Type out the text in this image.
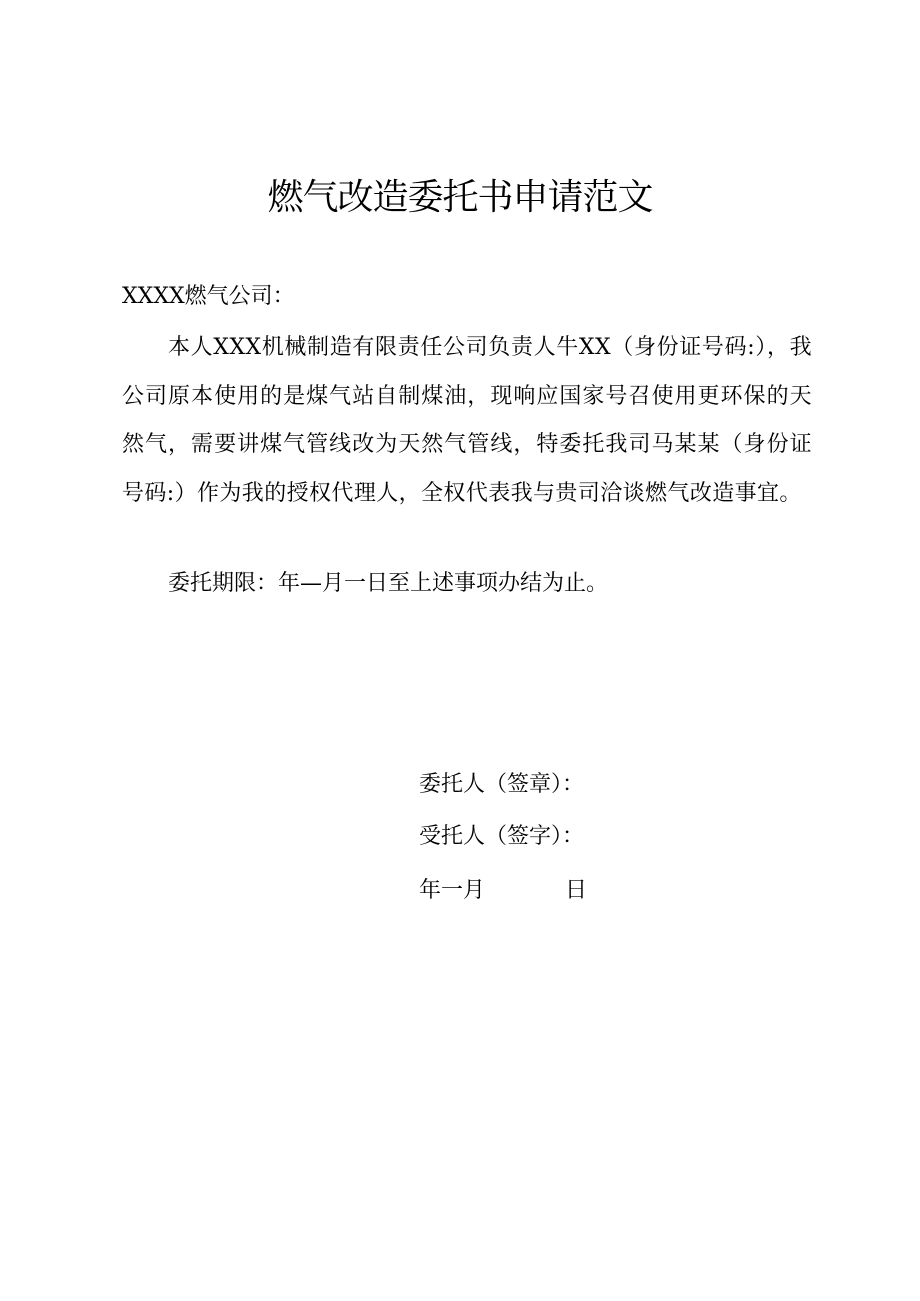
燃气改造委托书申请范文

XXXX燃气公司：

本人XXX机械制造有限责任公司负责人牛XX（身份证号码:），我公司原本使用的是煤气站自制煤油，现响应国家号召使用更环保的天然气，需要讲煤气管线改为天然气管线，特委托我司马某某（身份证号码:）作为我的授权代理人，全权代表我与贵司洽谈燃气改造事宜。

委托期限：年—月一日至上述事项办结为止。

委托人（签章）：

受托人（签字）：

年一月	日
